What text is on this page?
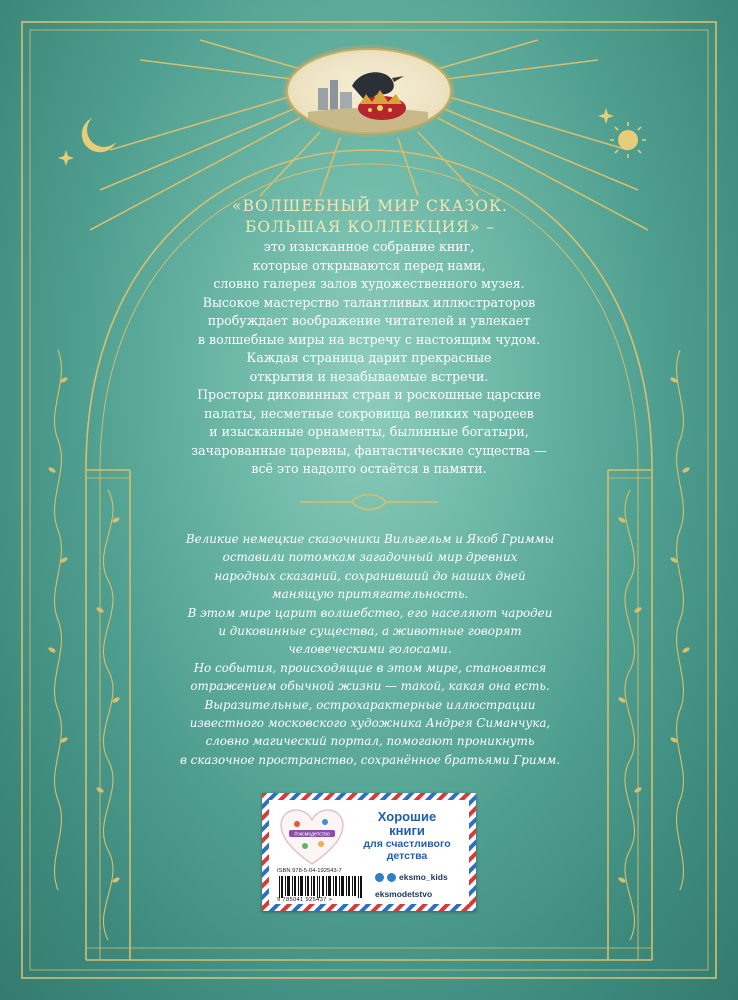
«ВОЛШЕБНЫЙ МИР СКАЗОК.
БОЛЬШАЯ КОЛЛЕКЦИЯ» –

это изысканное собрание книг,

которые открываются перед нами,

словно галерея залов художественного музея.

Высокое мастерство талантливых иллюстраторов

пробуждает воображение читателей и увлекает

в волшебные миры на встречу с настоящим чудом.

Каждая страница дарит прекрасные

открытия и незабываемые встречи.

Просторы диковинных стран и роскошные царские

палаты, несметные сокровища великих чародеев

и изысканные орнаменты, былинные богатыри,

зачарованные царевны, фантастические существа —

всё это надолго остаётся в памяти.

Великие немецкие сказочники Вильгельм и Якоб Гриммы

оставили потомкам загадочный мир древних

народных сказаний, сохранивший до наших дней

манящую притягательность.

В этом мире царит волшебство, его населяют чародеи

и диковинные существа, а животные говорят

человеческими голосами.

Но события, происходящие в этом мире, становятся

отражением обычной жизни — такой, какая она есть.

Выразительные, острохарактерные иллюстрации

известного московского художника Андрея Симанчука,

словно магический портал, помогают проникнуть

в сказочное пространство, сохранённое братьями Гримм.

#эксмодетство
Хорошие
книги
для счастливого
детства
ISBN 978-5-04-192543-7
9 785041 925437 >
eksmo_kids
eksmodetstvo
